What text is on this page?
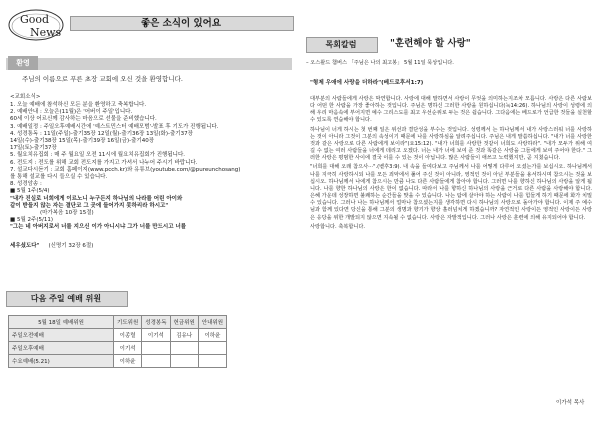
Good
News
좋은 소식이 있어요
환영
주님의 이름으로 푸른 초장 교회에 오신 것을 환영합니다.
<교회소식>
1. 오늘 예배에 참석하신 모든 분을 환영하고 축복합니다.
2. 예배안내 : 오늘은(11월)은 '어버이 주일'입니다.
60세 이상 어르신께 감사하는 마음으로 선물을 준비했습니다.
3. 예배일정 : 주일오후예배시간에 '예스트민스터 예배모범'-발표 후 기도가 진행됩니다.
4. 성경통독 : 11일(주일)-출기35장 12일(월)-출기36장 13일(화)-출기37장
14일(수)-출기38장 15일(목)-출기39장 16일(금)-출기40장
17일(토)-출기37장
5. 월요치유집회 : 매 주 월요일 오전 11시에 월요치유집회가 진행됩니다.
6. 전도지 : 전도를 위해 교회 전도지를 가지고 가셔서 나누어 주시기 바랍니다.
7. 설교다시듣기 : 교회 홈페이지(www.pcch.kr)와 유튜브(youtube.com/@pureunchosang)
를 통해 설교를 다시 들으실 수 있습니다.
8. 성경암송 :
■ 5월 1주(5/4)
"내가 진실로 너희에게 이르노니 누구든지 하나님의 나라를 어린 아이와
같이 받들지 않는 자는 결단코 그 곳에 들어가지 못하리라 하시고"
(마가복음 10장 15절)
■ 5월 2주(5/11)
"그는 네 아버지로서 너를 지으신 이가 아니시냐 그가 너를 만드시고 너를
세우셨도다" (신명기 32장 6절)
다음 주일 예배 위원
5월 18일 예배위원	기도위원	성경봉독	헌금위원	안내위원
주일오전예배	이종렬	이기석	김유나	이하윤
주일오후예배	이기석			
수요예배(5.21)	이하윤			
목회칼럼	"훈련해야 할 사랑"
– 오스왈드 챔버스 「주님은 나의 최고봉」 5월 11일 묵상입니다.
"형제 우애에 사랑을 더하라"(베드로후서1:7)

대부분의 사람들에게 사랑은 막연합니다. 사랑에 대해 말하면서 사랑이 무엇을 의미하는지조차 모릅니다. 사랑은 다른 사람보다 어떤 한 사람을 가장 좋아하는 것입니다. 주님은 명하신 그러한 사랑을 원하십니다(눅14:26). 하나님의 사랑이 성령에 의해 우리 마음속에 부어지면 예수 그리스도를 최고 우선순위로 두는 것은 쉽습니다. 그다음에는 베드로가 언급한 것들을 실천할 수 있도록 연습해야 합니다.

하나님이 너게 하시는 첫 번째 일은 위선과 결단성을 부수는 것입니다. 성령께서 는 하나님께서 내가 사랑스러워 너를 사랑하는 것이 아니라 그것이 그분의 속성이기 때문에 나를 사랑하심을 알려주십니다. 주님은 내게 말씀하십니다. "내가 너를 사랑한 것과 같은 사랑으로 다른 사람에게 보이라"(요15:12). "내가 너희를 사랑한 것같이 너희도 사랑하라". "내가 모두가 위해 여길 수 없는 여러 사람들을 너에게 데리고 오겠다. 너는 내가 너에 보여 준 것과 똑같은 사랑을 그들에게 보여 주어야 한다." 그러한 사랑은 평범한 사이에 결국 이를 수 있는 것이 아닙니다. 많은 사람들이 애쓰고 노력했지만, 곧 지쳤습니다.

"너희를 대해 오래 참으사···".(벧후3:9). 내 속을 들여다보고 주님께서 나를 어떻게 다루어 오셨는가를 보십시오. 하나님께서 나를 지극히 사랑하시되 나를 모든 죄악에서 풀어 주신 것이 아니라, 영적인 것이 아닌 부분들을 용서하시며 참으시는 것을 보십시오. 하나님께서 나에게 참으시는 만큼 나도 다른 사람들에게 참아야 합니다. 그러면 나를 향하신 하나님의 사랑을 알게 됩니다. 나를 향한 하나님의 사랑은 한이 없습니다. 따라서 나를 향하신 하나님의 사랑을 근거로 다른 사람을 사랑해야 합니다. 은혜 가운데 성장하면 불쾌하는 순간들을 맞을 수 있습니다. 나는 탐에 살아야 하는 사람이 나를 힘들게 하기 때문에 화가 치밀 수 있습니다. 그러나 나는 하나님께서 얼마나 참으셨는지를 생각하면 다시 하나님의 사랑으로 돌아가야 합니다. 이제 주 예수님과 함께 있다면 당신을 통해 그분의 생명과 향기가 향상 흘러넘치게 하겠습니까? 자연적인 사랑이든 영적인 사랑이든 사랑은 응당을 위한 개발되지 않으면 지속될 수 없습니다. 사랑은 자발적입니다. 그러나 사랑은 훈련에 의해 유지되어야 합니다.

사랑합니다. 축복합니다.

이가석 목사
